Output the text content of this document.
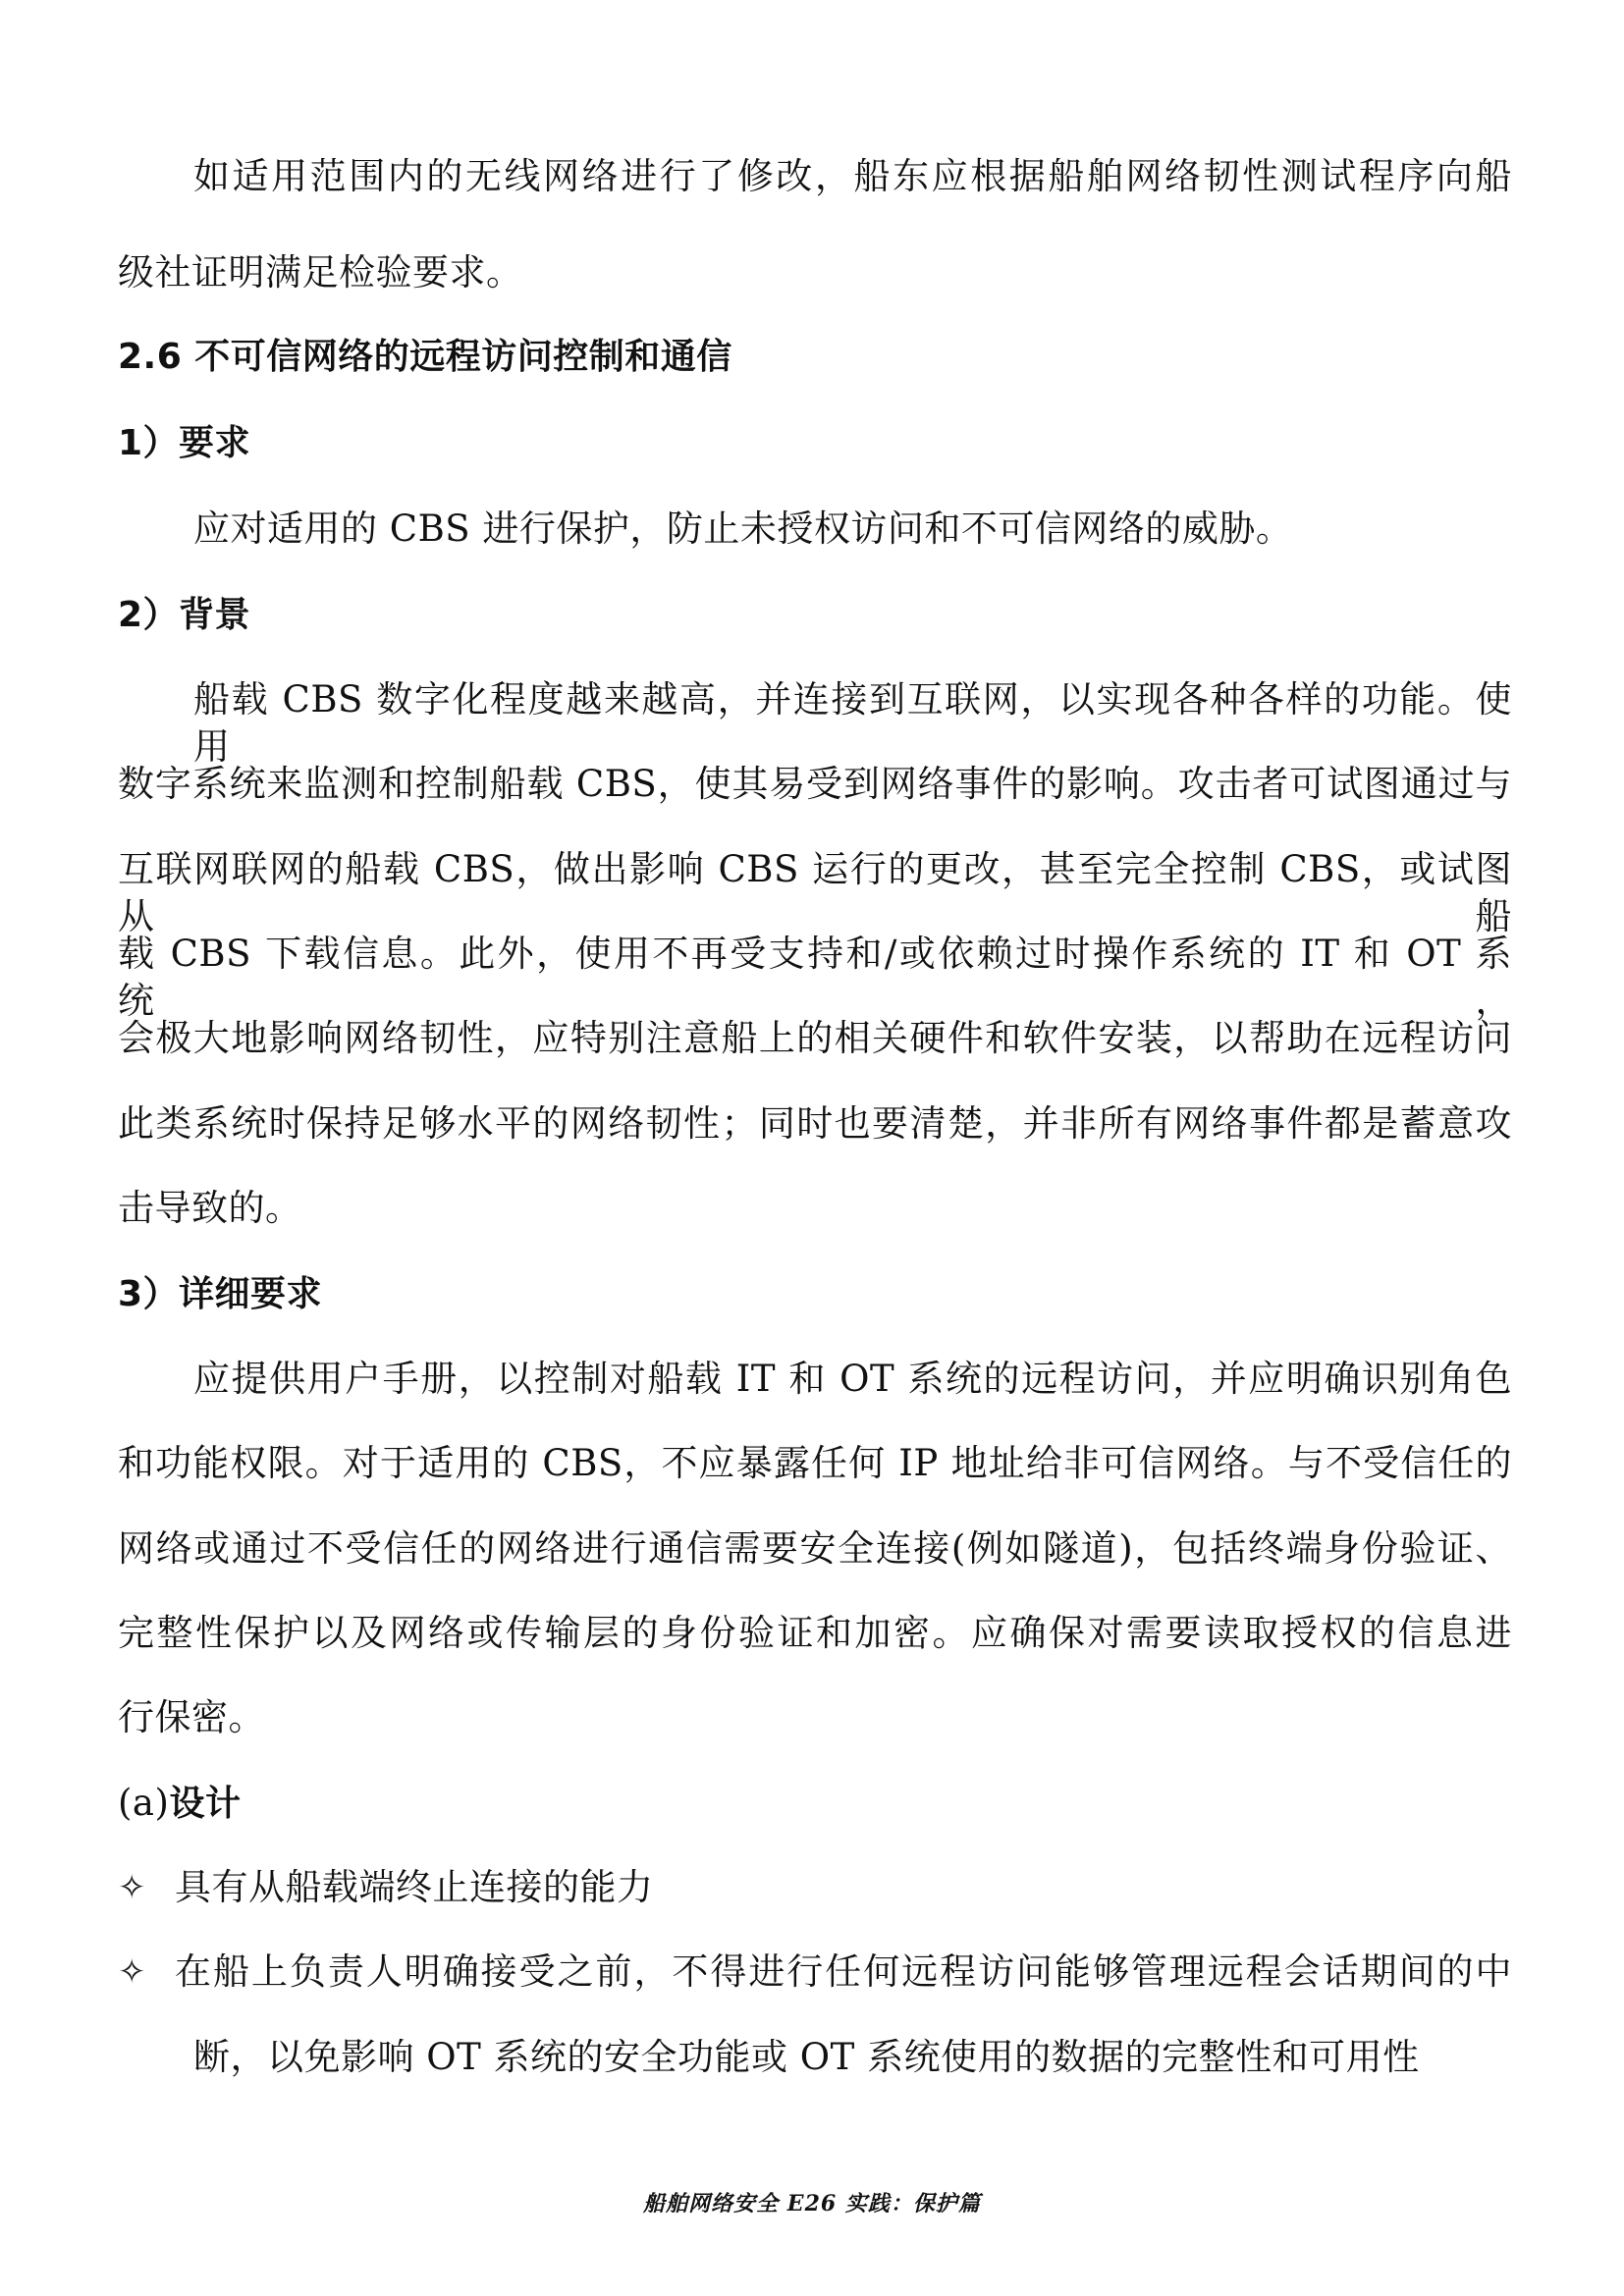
如适用范围内的无线网络进行了修改，船东应根据船舶网络韧性测试程序向船
级社证明满足检验要求。
2.6 不可信网络的远程访问控制和通信
1）要求
应对适用的 CBS 进行保护，防止未授权访问和不可信网络的威胁。
2）背景
船载 CBS 数字化程度越来越高，并连接到互联网，以实现各种各样的功能。使用
数字系统来监测和控制船载 CBS，使其易受到网络事件的影响。攻击者可试图通过与
互联网联网的船载 CBS，做出影响 CBS 运行的更改，甚至完全控制 CBS，或试图从船
载 CBS 下载信息。此外，使用不再受支持和/或依赖过时操作系统的 IT 和 OT 系统，
会极大地影响网络韧性，应特别注意船上的相关硬件和软件安装，以帮助在远程访问
此类系统时保持足够水平的网络韧性；同时也要清楚，并非所有网络事件都是蓄意攻
击导致的。
3）详细要求
应提供用户手册，以控制对船载 IT 和 OT 系统的远程访问，并应明确识别角色
和功能权限。对于适用的 CBS，不应暴露任何 IP 地址给非可信网络。与不受信任的
网络或通过不受信任的网络进行通信需要安全连接(例如隧道)，包括终端身份验证、
完整性保护以及网络或传输层的身份验证和加密。应确保对需要读取授权的信息进
行保密。
(a)设计
✧ 具有从船载端终止连接的能力
✧ 在船上负责人明确接受之前，不得进行任何远程访问能够管理远程会话期间的中
断，以免影响 OT 系统的安全功能或 OT 系统使用的数据的完整性和可用性
船舶网络安全 E26 实践：保护篇
